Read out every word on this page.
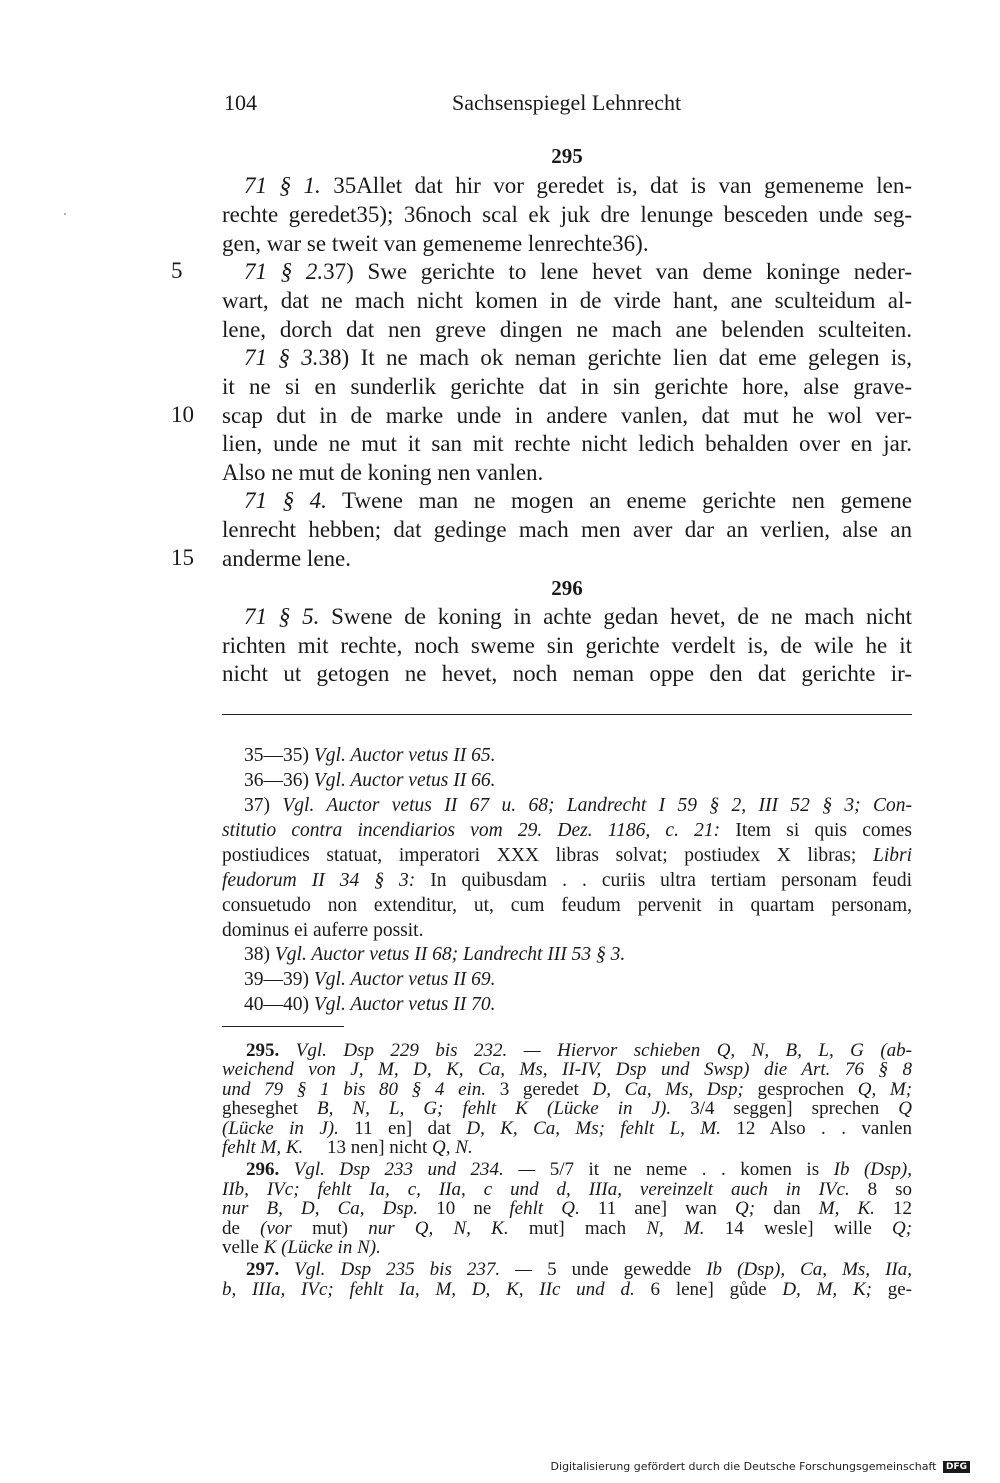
104	Sachsenspiegel Lehnrecht
295
71 § 1. 35Allet dat hir vor geredet is, dat is van gemeneme len-
rechte geredet35); 36noch scal ek juk dre lenunge besceden unde seg-
gen, war se tweit van gemeneme lenrechte36).
5	71 § 2.37) Swe gerichte to lene hevet van deme koninge neder-
wart, dat ne mach nicht komen in de virde hant, ane sculteidum al-
lene, dorch dat nen greve dingen ne mach ane belenden sculteiten.
71 § 3.38) It ne mach ok neman gerichte lien dat eme gelegen is,
it ne si en sunderlik gerichte dat in sin gerichte hore, alse grave-
10 scap dut in de marke unde in andere vanlen, dat mut he wol ver-
lien, unde ne mut it san mit rechte nicht ledich behalden over en jar.
Also ne mut de koning nen vanlen.
71 § 4. Twene man ne mogen an eneme gerichte nen gemene
lenrecht hebben; dat gedinge mach men aver dar an verlien, alse an
15 anderme lene.
296
71 § 5. Swene de koning in achte gedan hevet, de ne mach nicht
richten mit rechte, noch sweme sin gerichte verdelt is, de wile he it
nicht ut getogen ne hevet, noch neman oppe den dat gerichte ir-
35—35) Vgl. Auctor vetus II 65.
36—36) Vgl. Auctor vetus II 66.
37) Vgl. Auctor vetus II 67 u. 68; Landrecht I 59 § 2, III 52 § 3; Con-
stitutio contra incendiarios vom 29. Dez. 1186, c. 21: Item si quis comes
postiudices statuat, imperatori XXX libras solvat; postiudex X libras; Libri
feudorum II 34 § 3: In quibusdam . . curiis ultra tertiam personam feudi
consuetudo non extenditur, ut, cum feudum pervenit in quartam personam,
dominus ei auferre possit.
38) Vgl. Auctor vetus II 68; Landrecht III 53 § 3.
39—39) Vgl. Auctor vetus II 69.
40—40) Vgl. Auctor vetus II 70.
295. Vgl. Dsp 229 bis 232. — Hiervor schieben Q, N, B, L, G (ab-
weichend von J, M, D, K, Ca, Ms, II-IV, Dsp und Swsp) die Art. 76 § 8
und 79 § 1 bis 80 § 4 ein. 3 geredet D, Ca, Ms, Dsp; gesprochen Q, M;
gheseghet B, N, L, G; fehlt K (Lücke in J). 3/4 seggen] sprechen Q
(Lücke in J). 11 en] dat D, K, Ca, Ms; fehlt L, M. 12 Also . . vanlen
fehlt M, K. 13 nen] nicht Q, N.
296. Vgl. Dsp 233 und 234. — 5/7 it ne neme . . komen is Ib (Dsp),
IIb, IVc; fehlt Ia, c, IIa, c und d, IIIa, vereinzelt auch in IVc. 8 so
nur B, D, Ca, Dsp. 10 ne fehlt Q. 11 ane] wan Q; dan M, K. 12
de (vor mut) nur Q, N, K. mut] mach N, M. 14 wesle] wille Q;
velle K (Lücke in N).
297. Vgl. Dsp 235 bis 237. — 5 unde gewedde Ib (Dsp), Ca, Ms, IIa,
b, IIIa, IVc; fehlt Ia, M, D, K, IIc und d. 6 lene] gůde D, M, K; ge-
Digitalisierung gefördert durch die Deutsche Forschungsgemeinschaft DFG
